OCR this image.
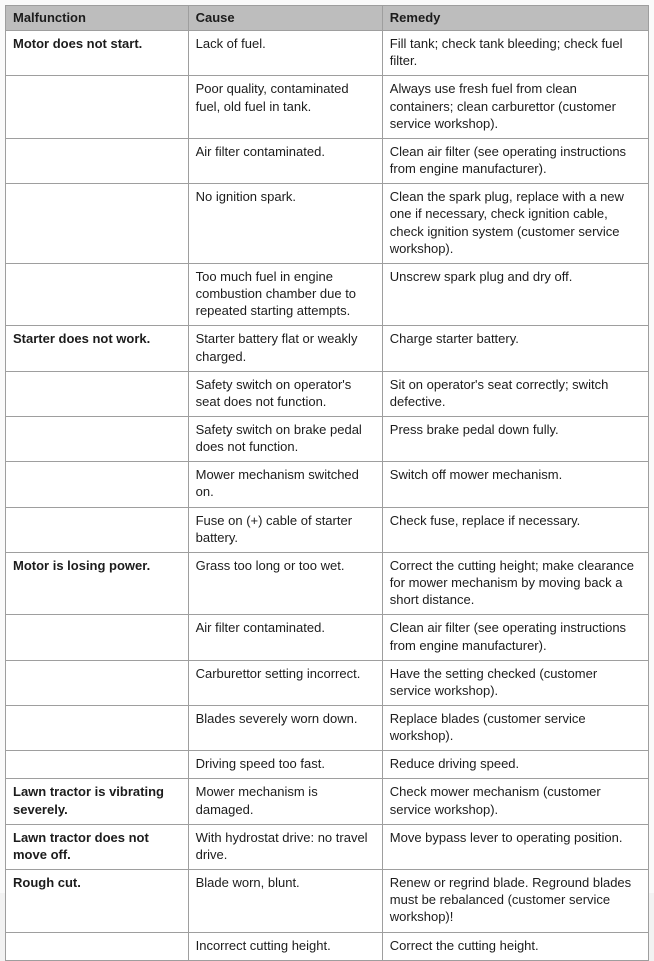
Malfunction	Cause	Remedy
Motor does not start.	Lack of fuel.	Fill tank; check tank bleeding; check fuel filter.
	Poor quality, contaminated fuel, old fuel in tank.	Always use fresh fuel from clean containers; clean carburettor (customer service workshop).
	Air filter contaminated.	Clean air filter (see operating instructions from engine manufacturer).
	No ignition spark.	Clean the spark plug, replace with a new one if necessary, check ignition cable, check ignition system (customer service workshop).
	Too much fuel in engine combustion chamber due to repeated starting attempts.	Unscrew spark plug and dry off.
Starter does not work.	Starter battery flat or weakly charged.	Charge starter battery.
	Safety switch on operator's seat does not function.	Sit on operator's seat correctly; switch defective.
	Safety switch on brake pedal does not function.	Press brake pedal down fully.
	Mower mechanism switched on.	Switch off mower mechanism.
	Fuse on (+) cable of starter battery.	Check fuse, replace if necessary.
Motor is losing power.	Grass too long or too wet.	Correct the cutting height; make clearance for mower mechanism by moving back a short distance.
	Air filter contaminated.	Clean air filter (see operating instructions from engine manufacturer).
	Carburettor setting incorrect.	Have the setting checked (customer service workshop).
	Blades severely worn down.	Replace blades (customer service workshop).
	Driving speed too fast.	Reduce driving speed.
Lawn tractor is vibrating severely.	Mower mechanism is damaged.	Check mower mechanism (customer service workshop).
Lawn tractor does not move off.	With hydrostat drive: no travel drive.	Move bypass lever to operating position.
Rough cut.	Blade worn, blunt.	Renew or regrind blade. Reground blades must be rebalanced (customer service workshop)!
	Incorrect cutting height.	Correct the cutting height.
